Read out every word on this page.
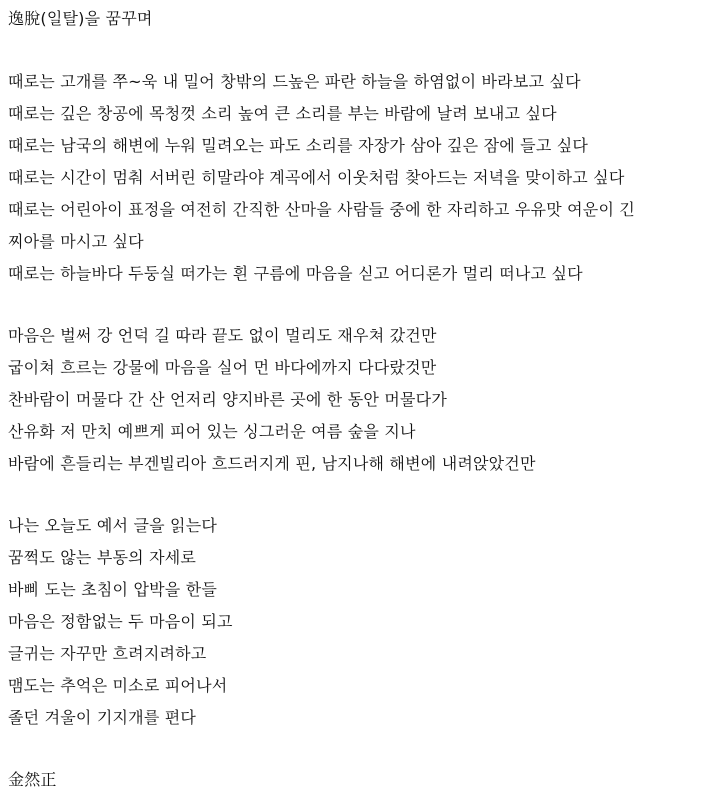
逸脫(일탈)을 꿈꾸며
때로는 고개를 쭈~욱 내 밀어 창밖의 드높은 파란 하늘을 하염없이 바라보고 싶다
때로는 깊은 창공에 목청껏 소리 높여 큰 소리를 부는 바람에 날려 보내고 싶다
때로는 남국의 해변에 누워 밀려오는 파도 소리를 자장가 삼아 깊은 잠에 들고 싶다
때로는 시간이 멈춰 서버린 히말라야 계곡에서 이웃처럼 찾아드는 저녁을 맞이하고 싶다
때로는 어린아이 표정을 여전히 간직한 산마을 사람들 중에 한 자리하고 우유맛 여운이 긴
찌아를 마시고 싶다
때로는 하늘바다 두둥실 떠가는 흰 구름에 마음을 싣고 어디론가 멀리 떠나고 싶다
마음은 벌써 강 언덕 길 따라 끝도 없이 멀리도 재우쳐 갔건만
굽이쳐 흐르는 강물에 마음을 실어 먼 바다에까지 다다랐것만
찬바람이 머물다 간 산 언저리 양지바른 곳에 한 동안 머물다가
산유화 저 만치 예쁘게 피어 있는 싱그러운 여름 숲을 지나
바람에 흔들리는 부겐빌리아 흐드러지게 핀, 남지나해 해변에 내려앉았건만
나는 오늘도 예서 글을 읽는다
꿈쩍도 않는 부동의 자세로
바삐 도는 초침이 압박을 한들
마음은 정함없는 두 마음이 되고
글귀는 자꾸만 흐려지려하고
맴도는 추억은 미소로 피어나서
졸던 겨울이 기지개를 편다
金然正
